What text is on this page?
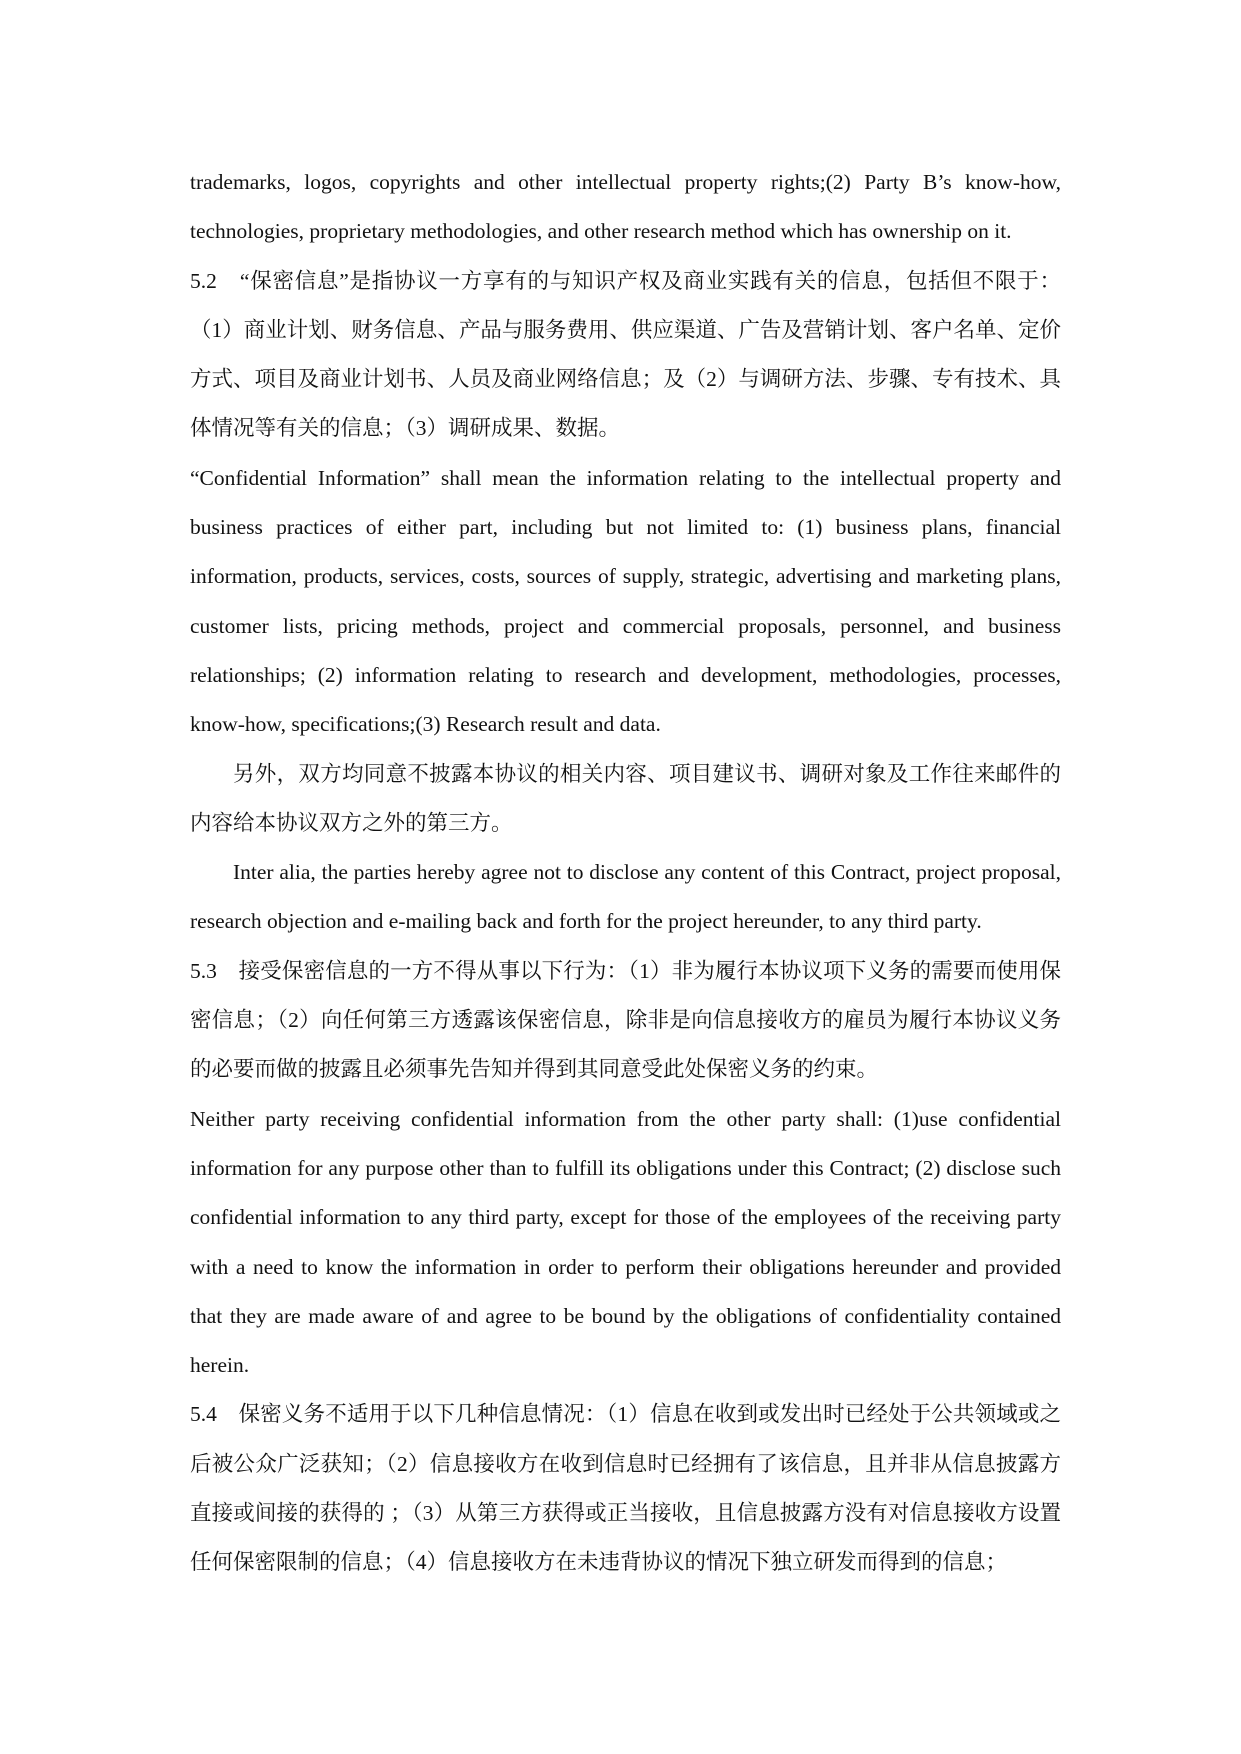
trademarks, logos, copyrights and other intellectual property rights;(2) Party B’s know-how, technologies, proprietary methodologies, and other research method which has ownership on it.

5.2　“保密信息”是指协议一方享有的与知识产权及商业实践有关的信息，包括但不限于：（1）商业计划、财务信息、产品与服务费用、供应渠道、广告及营销计划、客户名单、定价方式、项目及商业计划书、人员及商业网络信息；及（2）与调研方法、步骤、专有技术、具体情况等有关的信息；（3）调研成果、数据。

“Confidential Information” shall mean the information relating to the intellectual property and business practices of either part, including but not limited to: (1) business plans, financial information, products, services, costs, sources of supply, strategic, advertising and marketing plans, customer lists, pricing methods, project and commercial proposals, personnel, and business relationships; (2) information relating to research and development, methodologies, processes, know-how, specifications;(3) Research result and data.

另外，双方均同意不披露本协议的相关内容、项目建议书、调研对象及工作往来邮件的内容给本协议双方之外的第三方。

Inter alia, the parties hereby agree not to disclose any content of this Contract, project proposal, research objection and e-mailing back and forth for the project hereunder, to any third party.

5.3　接受保密信息的一方不得从事以下行为：（1）非为履行本协议项下义务的需要而使用保密信息；（2）向任何第三方透露该保密信息，除非是向信息接收方的雇员为履行本协议义务的必要而做的披露且必须事先告知并得到其同意受此处保密义务的约束。

Neither party receiving confidential information from the other party shall: (1)use confidential information for any purpose other than to fulfill its obligations under this Contract; (2) disclose such confidential information to any third party, except for those of the employees of the receiving party with a need to know the information in order to perform their obligations hereunder and provided that they are made aware of and agree to be bound by the obligations of confidentiality contained herein.

5.4　保密义务不适用于以下几种信息情况：（1）信息在收到或发出时已经处于公共领域或之后被公众广泛获知；（2）信息接收方在收到信息时已经拥有了该信息，且并非从信息披露方直接或间接的获得的 ；（3）从第三方获得或正当接收，且信息披露方没有对信息接收方设置任何保密限制的信息；（4）信息接收方在未违背协议的情况下独立研发而得到的信息；
